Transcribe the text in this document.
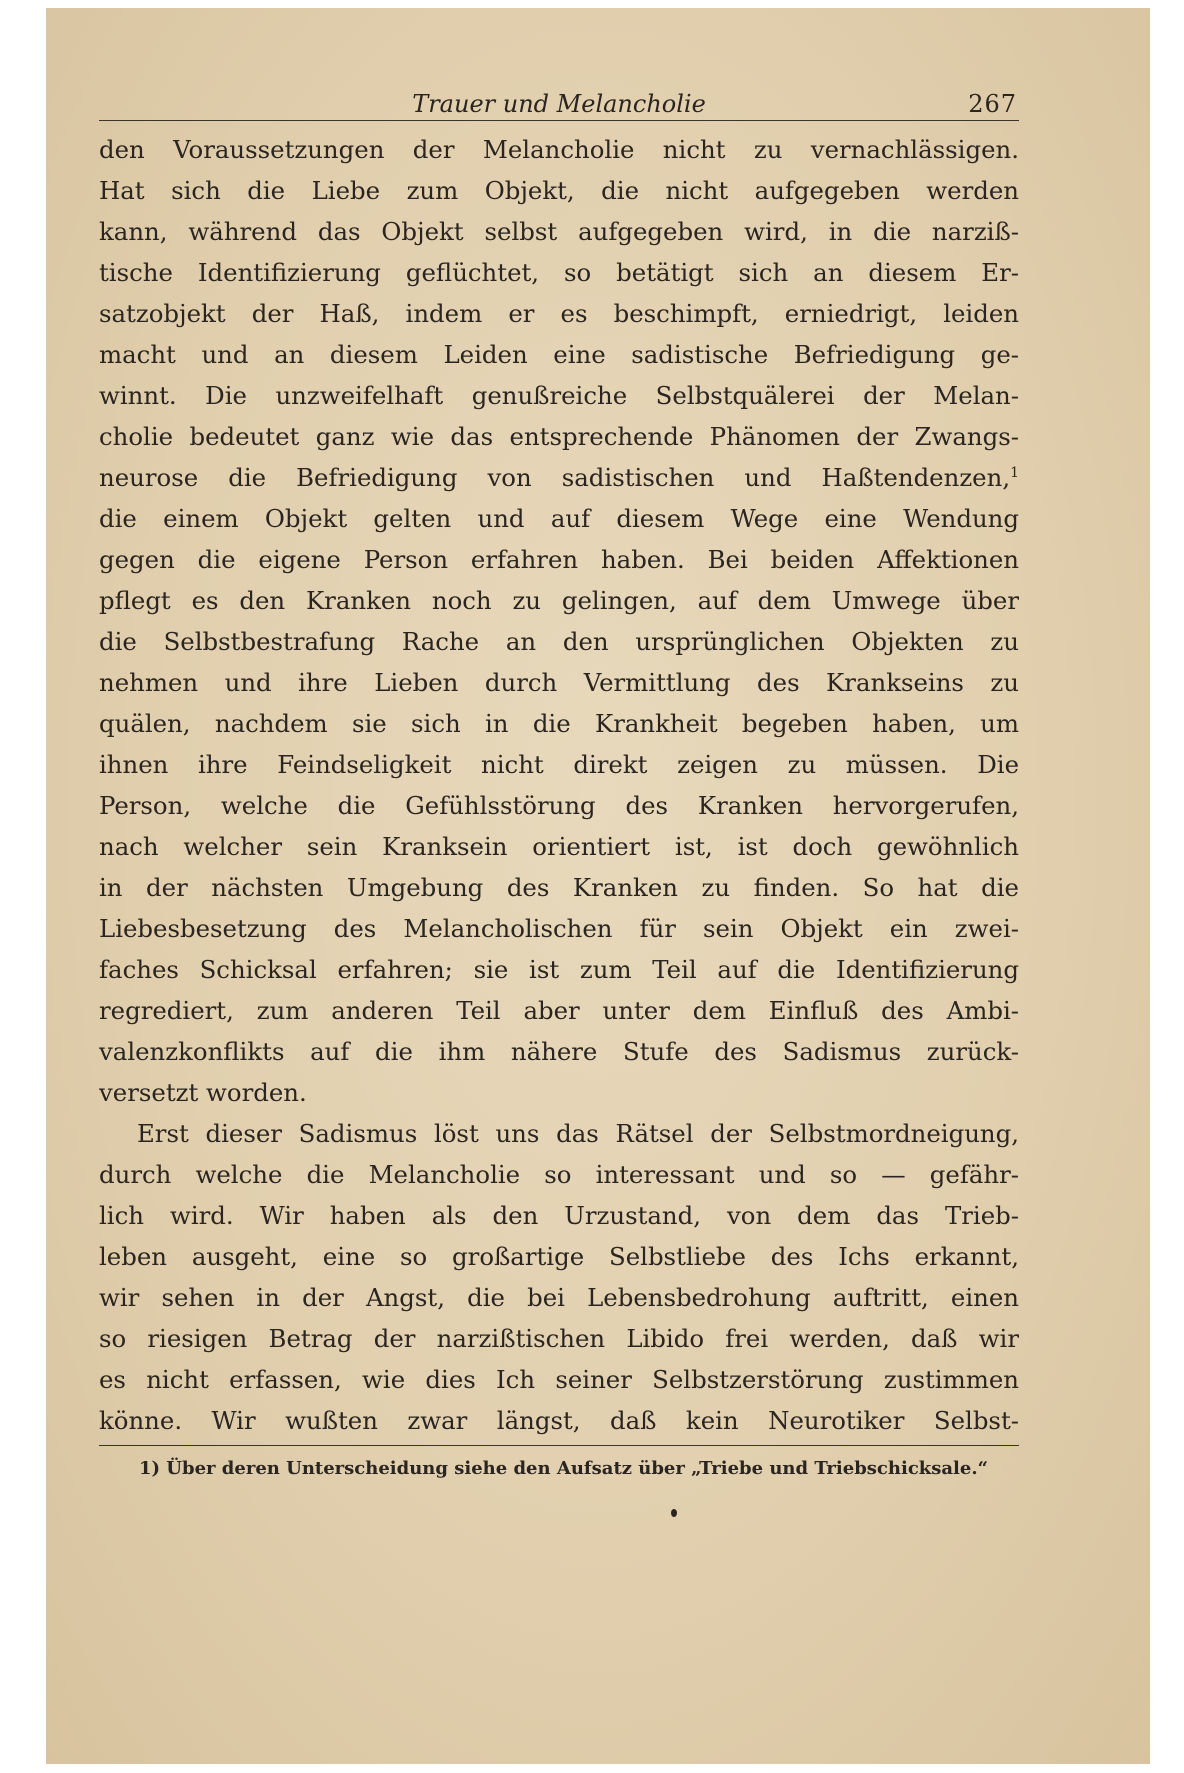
Trauer und Melancholie	267
den Voraussetzungen der Melancholie nicht zu vernachlässigen.
Hat sich die Liebe zum Objekt, die nicht aufgegeben werden
kann, während das Objekt selbst aufgegeben wird, in die narziß-
tische Identifizierung geflüchtet, so betätigt sich an diesem Er-
satzobjekt der Haß, indem er es beschimpft, erniedrigt, leiden
macht und an diesem Leiden eine sadistische Befriedigung ge-
winnt. Die unzweifelhaft genußreiche Selbstquälerei der Melan-
cholie bedeutet ganz wie das entsprechende Phänomen der Zwangs-
neurose die Befriedigung von sadistischen und Haßtendenzen,$^1$
die einem Objekt gelten und auf diesem Wege eine Wendung
gegen die eigene Person erfahren haben. Bei beiden Affektionen
pflegt es den Kranken noch zu gelingen, auf dem Umwege über
die Selbstbestrafung Rache an den ursprünglichen Objekten zu
nehmen und ihre Lieben durch Vermittlung des Krankseins zu
quälen, nachdem sie sich in die Krankheit begeben haben, um
ihnen ihre Feindseligkeit nicht direkt zeigen zu müssen. Die
Person, welche die Gefühlsstörung des Kranken hervorgerufen,
nach welcher sein Kranksein orientiert ist, ist doch gewöhnlich
in der nächsten Umgebung des Kranken zu finden. So hat die
Liebesbesetzung des Melancholischen für sein Objekt ein zwei-
faches Schicksal erfahren; sie ist zum Teil auf die Identifizierung
regrediert, zum anderen Teil aber unter dem Einfluß des Ambi-
valenzkonflikts auf die ihm nähere Stufe des Sadismus zurück-
versetzt worden.
Erst dieser Sadismus löst uns das Rätsel der Selbstmordneigung,
durch welche die Melancholie so interessant und so — gefähr-
lich wird. Wir haben als den Urzustand, von dem das Trieb-
leben ausgeht, eine so großartige Selbstliebe des Ichs erkannt,
wir sehen in der Angst, die bei Lebensbedrohung auftritt, einen
so riesigen Betrag der narzißtischen Libido frei werden, daß wir
es nicht erfassen, wie dies Ich seiner Selbstzerstörung zustimmen
könne. Wir wußten zwar längst, daß kein Neurotiker Selbst-
1) Über deren Unterscheidung siehe den Aufsatz über „Triebe und Triebschicksale.“
